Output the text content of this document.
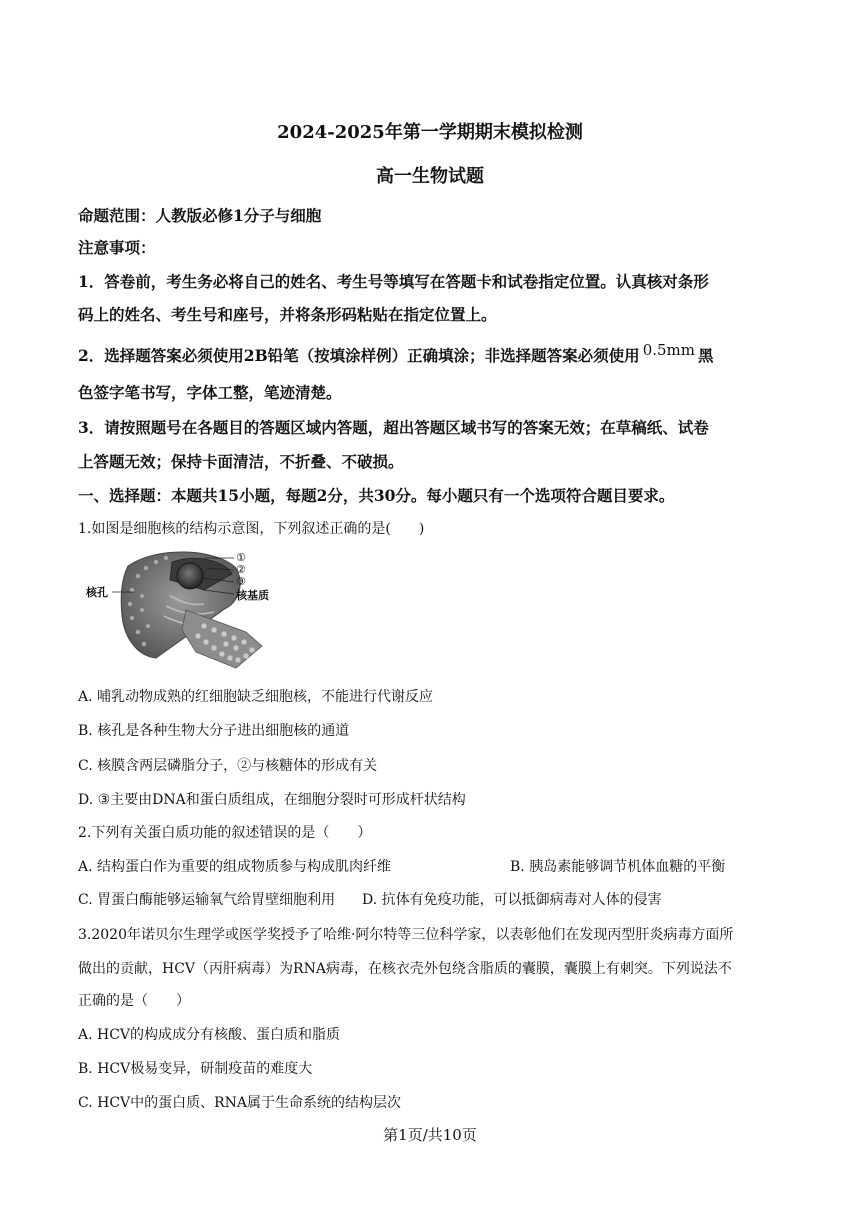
2024-2025年第一学期期末模拟检测
高一生物试题
命题范围：人教版必修1分子与细胞
注意事项：
1．答卷前，考生务必将自己的姓名、考生号等填写在答题卡和试卷指定位置。认真核对条形
码上的姓名、考生号和座号，并将条形码粘贴在指定位置上。
2．选择题答案必须使用2B铅笔（按填涂样例）正确填涂；非选择题答案必须使用 0.5mm 黑
色签字笔书写，字体工整，笔迹清楚。
3．请按照题号在各题目的答题区域内答题，超出答题区域书写的答案无效；在草稿纸、试卷
上答题无效；保持卡面清洁，不折叠、不破损。
一、选择题：本题共15小题，每题2分，共30分。每小题只有一个选项符合题目要求。
1.如图是细胞核的结构示意图，下列叙述正确的是(　　)
核孔
①
②
③
核基质
A. 哺乳动物成熟的红细胞缺乏细胞核，不能进行代谢反应
B. 核孔是各种生物大分子进出细胞核的通道
C. 核膜含两层磷脂分子，②与核糖体的形成有关
D. ③主要由DNA和蛋白质组成，在细胞分裂时可形成杆状结构
2.下列有关蛋白质功能的叙述错误的是（　　）
A. 结构蛋白作为重要的组成物质参与构成肌肉纤维	B. 胰岛素能够调节机体血糖的平衡
C. 胃蛋白酶能够运输氧气给胃壁细胞利用 D. 抗体有免疫功能，可以抵御病毒对人体的侵害
3.2020年诺贝尔生理学或医学奖授予了哈维·阿尔特等三位科学家，以表彰他们在发现丙型肝炎病毒方面所
做出的贡献，HCV（丙肝病毒）为RNA病毒，在核衣壳外包绕含脂质的囊膜，囊膜上有刺突。下列说法不
正确的是（　　）
A. HCV的构成成分有核酸、蛋白质和脂质
B. HCV极易变异，研制疫苗的难度大
C. HCV中的蛋白质、RNA属于生命系统的结构层次
第1页/共10页
